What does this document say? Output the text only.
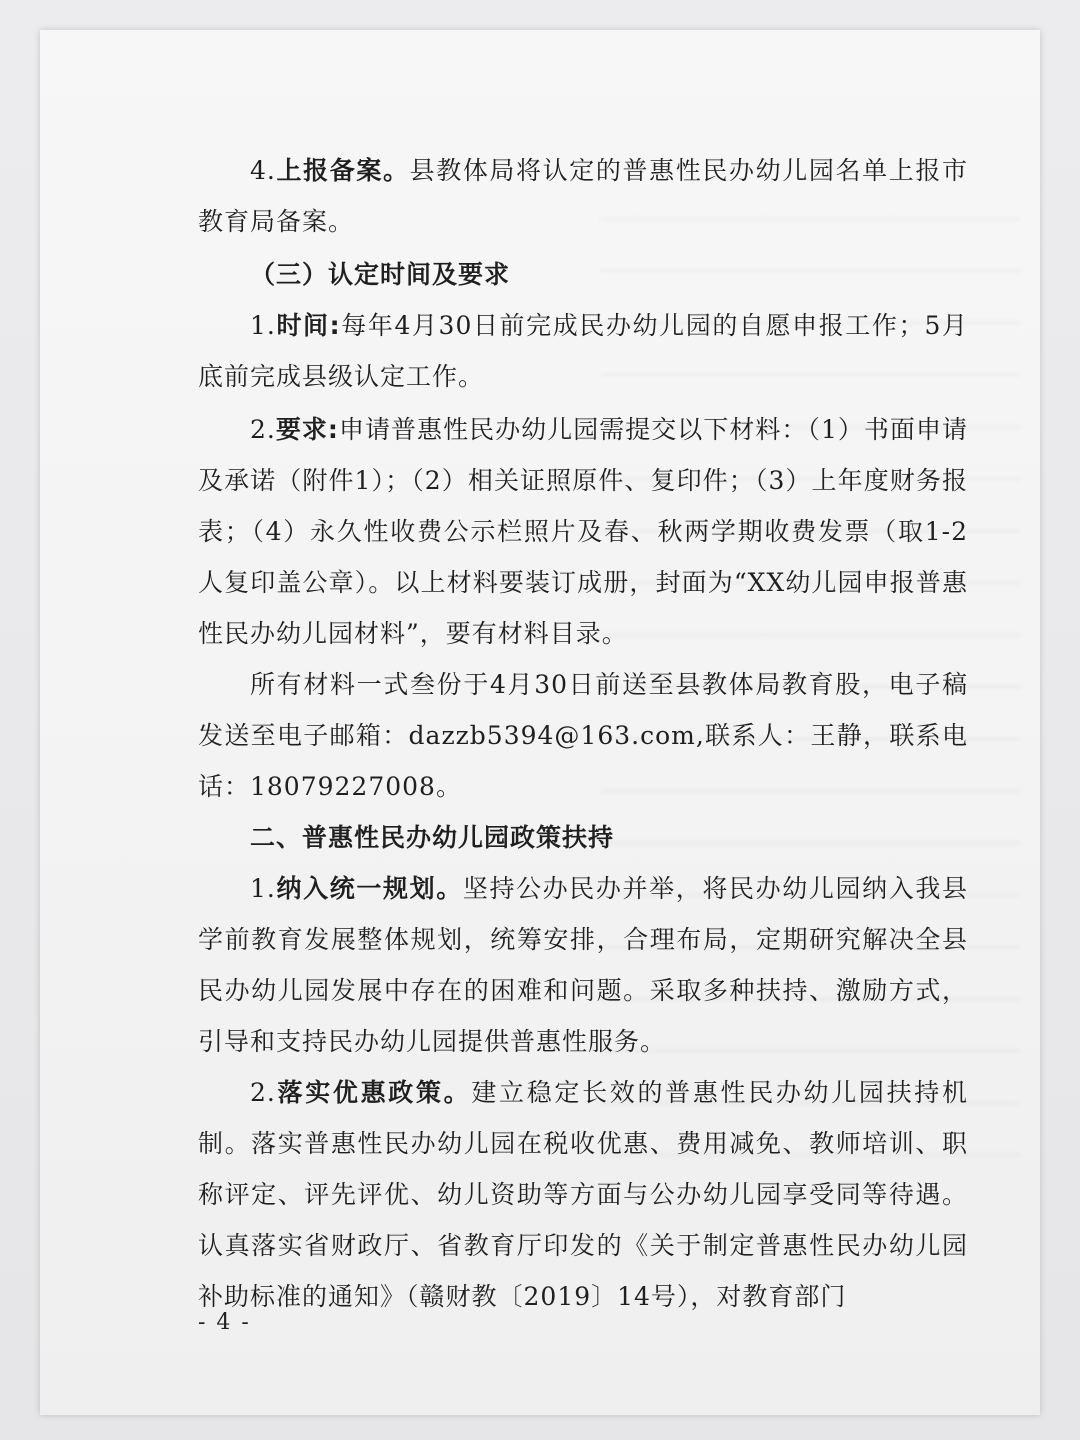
4.上报备案。县教体局将认定的普惠性民办幼儿园名单上报市教育局备案。

（三）认定时间及要求

1.时间:每年4月30日前完成民办幼儿园的自愿申报工作；5月底前完成县级认定工作。

2.要求:申请普惠性民办幼儿园需提交以下材料：（1）书面申请及承诺（附件1）；（2）相关证照原件、复印件；（3）上年度财务报表；（4）永久性收费公示栏照片及春、秋两学期收费发票（取1-2人复印盖公章）。以上材料要装订成册，封面为“XX幼儿园申报普惠性民办幼儿园材料”，要有材料目录。

所有材料一式叁份于4月30日前送至县教体局教育股，电子稿发送至电子邮箱：dazzb5394@163.com,联系人：王静，联系电话：18079227008。

二、普惠性民办幼儿园政策扶持

1.纳入统一规划。坚持公办民办并举，将民办幼儿园纳入我县学前教育发展整体规划，统筹安排，合理布局，定期研究解决全县民办幼儿园发展中存在的困难和问题。采取多种扶持、激励方式，引导和支持民办幼儿园提供普惠性服务。

2.落实优惠政策。建立稳定长效的普惠性民办幼儿园扶持机制。落实普惠性民办幼儿园在税收优惠、费用减免、教师培训、职称评定、评先评优、幼儿资助等方面与公办幼儿园享受同等待遇。认真落实省财政厅、省教育厅印发的《关于制定普惠性民办幼儿园补助标准的通知》（赣财教〔2019〕14号），对教育部门

- 4 -
